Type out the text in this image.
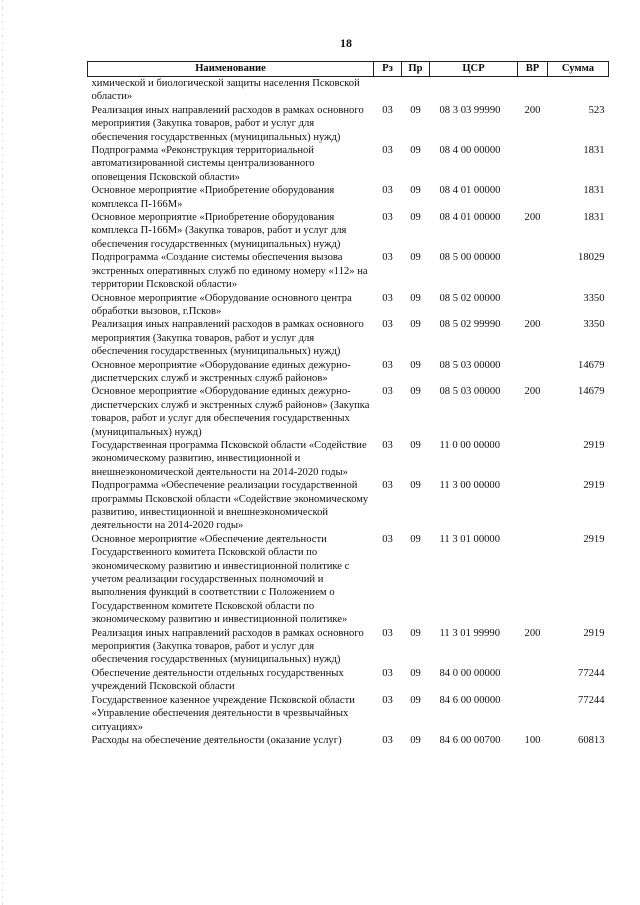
18
Наименование	Рз	Пр	ЦСР	ВР	Сумма
химической и биологической защиты населения Псковской области»					
Реализация иных направлений расходов в рамках основного мероприятия (Закупка товаров, работ и услуг для обеспечения государственных (муниципальных) нужд)	03	09	08 3 03 99990	200	523
Подпрограмма «Реконструкция территориальной автоматизированной системы централизованного оповещения Псковской области»	03	09	08 4 00 00000		1831
Основное мероприятие «Приобретение оборудования комплекса П-166М»	03	09	08 4 01 00000		1831
Основное мероприятие «Приобретение оборудования комплекса П-166М» (Закупка товаров, работ и услуг для обеспечения государственных (муниципальных) нужд)	03	09	08 4 01 00000	200	1831
Подпрограмма «Создание системы обеспечения вызова экстренных оперативных служб по единому номеру «112» на территории Псковской области»	03	09	08 5 00 00000		18029
Основное мероприятие «Оборудование основного центра обработки вызовов, г.Псков»	03	09	08 5 02 00000		3350
Реализация иных направлений расходов в рамках основного мероприятия (Закупка товаров, работ и услуг для обеспечения государственных (муниципальных) нужд)	03	09	08 5 02 99990	200	3350
Основное мероприятие «Оборудование единых дежурно-диспетчерских служб и экстренных служб районов»	03	09	08 5 03 00000		14679
Основное мероприятие «Оборудование единых дежурно-диспетчерских служб и экстренных служб районов» (Закупка товаров, работ и услуг для обеспечения государственных (муниципальных) нужд)	03	09	08 5 03 00000	200	14679
Государственная программа Псковской области «Содействие экономическому развитию, инвестиционной и внешнеэкономической деятельности на 2014-2020 годы»	03	09	11 0 00 00000		2919
Подпрограмма «Обеспечение реализации государственной программы Псковской области «Содействие экономическому развитию, инвестиционной и внешнеэкономической деятельности на 2014-2020 годы»	03	09	11 3 00 00000		2919
Основное мероприятие «Обеспечение деятельности Государственного комитета Псковской области по экономическому развитию и инвестиционной политике с учетом реализации государственных полномочий и выполнения функций в соответствии с Положением о Государственном комитете Псковской области по экономическому развитию и инвестиционной политике»	03	09	11 3 01 00000		2919
Реализация иных направлений расходов в рамках основного мероприятия (Закупка товаров, работ и услуг для обеспечения государственных (муниципальных) нужд)	03	09	11 3 01 99990	200	2919
Обеспечение деятельности отдельных государственных учреждений Псковской области	03	09	84 0 00 00000		77244
Государственное казенное учреждение Псковской области «Управление обеспечения деятельности в чрезвычайных ситуациях»	03	09	84 6 00 00000		77244
Расходы на обеспечение деятельности (оказание услуг)	03	09	84 6 00 00700	100	60813
